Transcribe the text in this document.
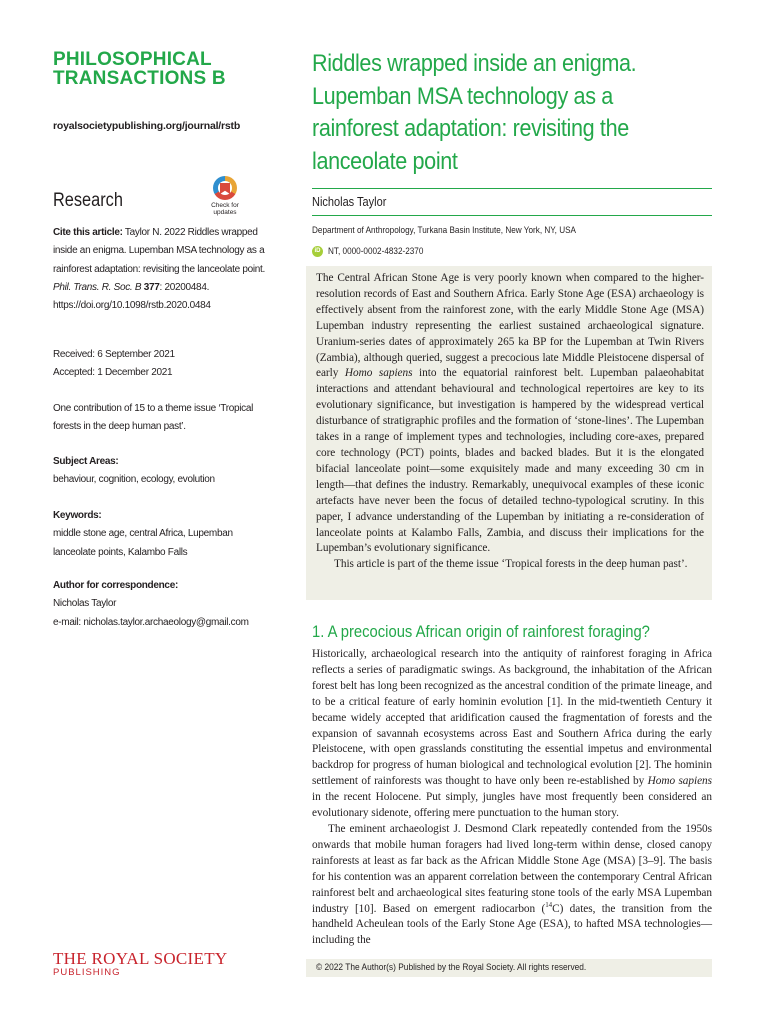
PHILOSOPHICAL
TRANSACTIONS B
royalsocietypublishing.org/journal/rstb
Research	Check for
updates
Cite this article: Taylor N. 2022 Riddles wrapped inside an enigma. Lupemban MSA technology as a rainforest adaptation: revisiting the lanceolate point. Phil. Trans. R. Soc. B 377: 20200484.
https://doi.org/10.1098/rstb.2020.0484
Received: 6 September 2021
Accepted: 1 December 2021
One contribution of 15 to a theme issue ‘Tropical forests in the deep human past’.
Subject Areas:
behaviour, cognition, ecology, evolution
Keywords:
middle stone age, central Africa, Lupemban lanceolate points, Kalambo Falls
Author for correspondence:
Nicholas Taylor
e-mail: nicholas.taylor.archaeology@gmail.com
Riddles wrapped inside an enigma.
Lupemban MSA technology as a
rainforest adaptation: revisiting the
lanceolate point
Nicholas Taylor
Department of Anthropology, Turkana Basin Institute, New York, NY, USA
iD NT, 0000-0002-4832-2370

The Central African Stone Age is very poorly known when compared to the higher-resolution records of East and Southern Africa. Early Stone Age (ESA) archaeology is effectively absent from the rainforest zone, with the early Middle Stone Age (MSA) Lupemban industry representing the earliest sustained archaeological signature. Uranium-series dates of approximately 265 ka BP for the Lupemban at Twin Rivers (Zambia), although queried, suggest a precocious late Middle Pleistocene dispersal of early Homo sapiens into the equatorial rainforest belt. Lupemban palaeohabitat interactions and attendant behavioural and technological repertoires are key to its evolutionary significance, but investigation is hampered by the widespread vertical disturbance of stratigraphic profiles and the formation of ‘stone-lines’. The Lupemban takes in a range of implement types and technologies, including core-axes, prepared core technology (PCT) points, blades and backed blades. But it is the elongated bifacial lanceolate point—some exquisitely made and many exceeding 30 cm in length—that defines the industry. Remarkably, unequivocal examples of these iconic artefacts have never been the focus of detailed techno-typological scrutiny. In this paper, I advance understanding of the Lupemban by initiating a re-consideration of lanceolate points at Kalambo Falls, Zambia, and discuss their implications for the Lupemban’s evolutionary significance.

This article is part of the theme issue ‘Tropical forests in the deep human past’.

1. A precocious African origin of rainforest foraging?

Historically, archaeological research into the antiquity of rainforest foraging in Africa reflects a series of paradigmatic swings. As background, the inhabitation of the African forest belt has long been recognized as the ancestral condition of the primate lineage, and to be a critical feature of early hominin evolution [1]. In the mid-twentieth Century it became widely accepted that aridification caused the fragmentation of forests and the expansion of savannah ecosystems across East and Southern Africa during the early Pleistocene, with open grasslands constituting the essential impetus and environmental backdrop for progress of human biological and technological evolution [2]. The hominin settlement of rainforests was thought to have only been re-established by Homo sapiens in the recent Holocene. Put simply, jungles have most frequently been considered an evolutionary sidenote, offering mere punctuation to the human story.

The eminent archaeologist J. Desmond Clark repeatedly contended from the 1950s onwards that mobile human foragers had lived long-term within dense, closed canopy rainforests at least as far back as the African Middle Stone Age (MSA) [3–9]. The basis for his contention was an apparent correlation between the contemporary Central African rainforest belt and archaeological sites featuring stone tools of the early MSA Lupemban industry [10]. Based on emergent radiocarbon ($^{14}$C) dates, the transition from the handheld Acheulean tools of the Early Stone Age (ESA), to hafted MSA technologies—including the

© 2022 The Author(s) Published by the Royal Society. All rights reserved.
THE ROYAL SOCIETY
PUBLISHING
